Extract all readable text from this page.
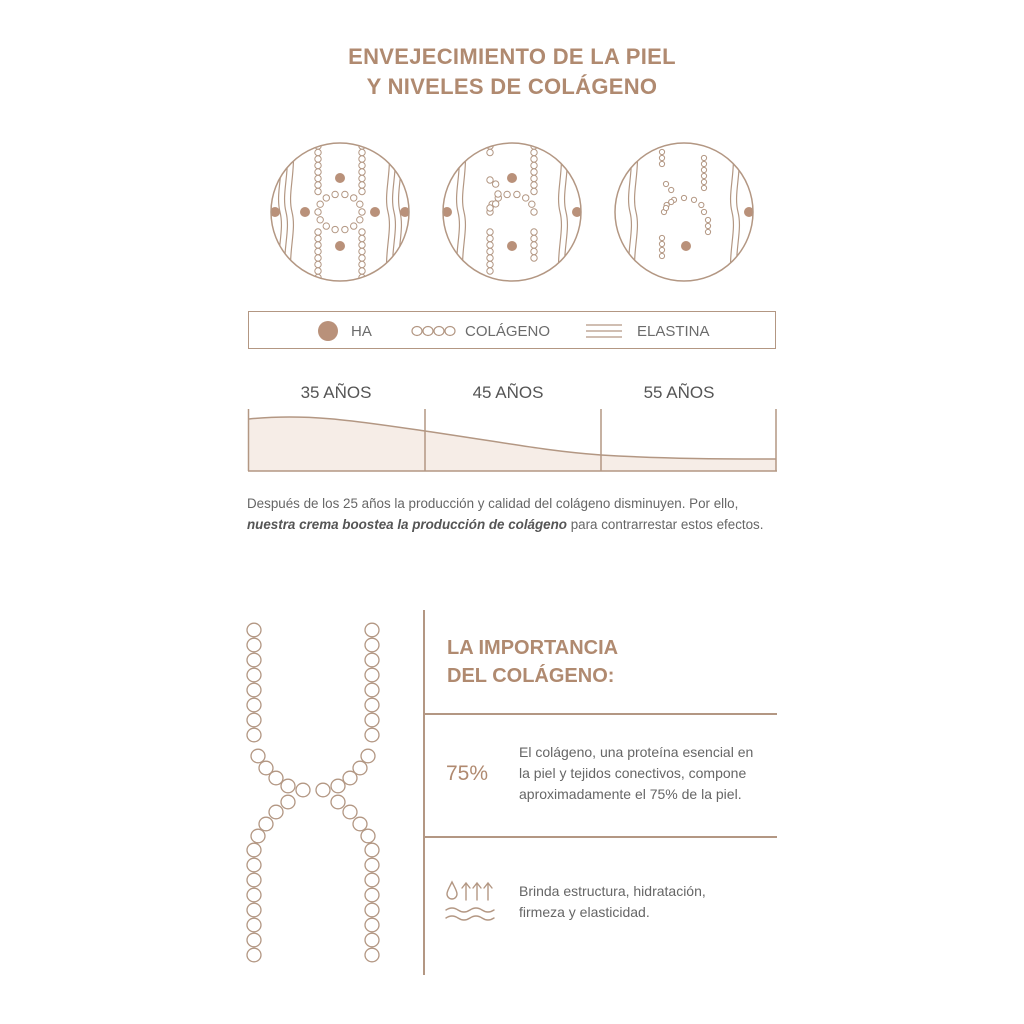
ENVEJECIMIENTO DE LA PIEL
Y NIVELES DE COLÁGENO
HA	COLÁGENO	ELASTINA
35 AÑOS	45 AÑOS	55 AÑOS
Después de los 25 años la producción y calidad del colágeno disminuyen. Por ello,
nuestra crema boostea la producción de colágeno para contrarrestar estos efectos.
LA IMPORTANCIA
DEL COLÁGENO:
75%
El colágeno, una proteína esencial en
la piel y tejidos conectivos, compone
aproximadamente el 75% de la piel.
Brinda estructura, hidratación,
firmeza y elasticidad.
